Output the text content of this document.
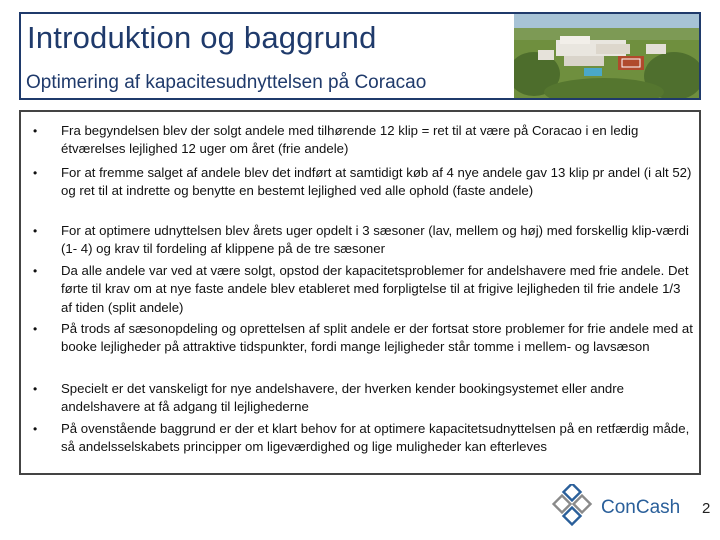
Introduktion og baggrund
Optimering af kapacitesudnyttelsen på Coracao
•	Fra begyndelsen blev der solgt andele med tilhørende 12 klip = ret til at være på Coracao i en ledig étværelses lejlighed 12 uger om året (frie andele)
•	For at fremme salget af andele blev det indført at samtidigt køb af 4 nye andele gav 13 klip pr andel (i alt 52) og ret til at indrette og benytte en bestemt lejlighed ved alle ophold (faste andele)
•	For at optimere udnyttelsen blev årets uger opdelt i 3 sæsoner (lav, mellem og høj) med forskellig klip-værdi (1- 4) og krav til fordeling af klippene på de tre sæsoner
•	Da alle andele var ved at være solgt, opstod der kapacitetsproblemer for andelshavere med frie andele. Det førte til krav om at nye faste andele blev etableret med forpligtelse til at frigive lejligheden til frie andele 1/3 af tiden (split andele)
•	På trods af sæsonopdeling og oprettelsen af split andele er der fortsat store problemer for frie andele med at booke lejligheder på attraktive tidspunkter, fordi mange lejligheder står tomme i mellem- og lavsæson
•	Specielt er det vanskeligt for nye andelshavere, der hverken kender bookingsystemet eller andre andelshavere at få adgang til lejlighederne
•	På ovenstående baggrund er der et klart behov for at optimere kapacitetsudnyttelsen på en retfærdig måde, så andelsselskabets principper om ligeværdighed og lige muligheder kan efterleves
ConCash 2
